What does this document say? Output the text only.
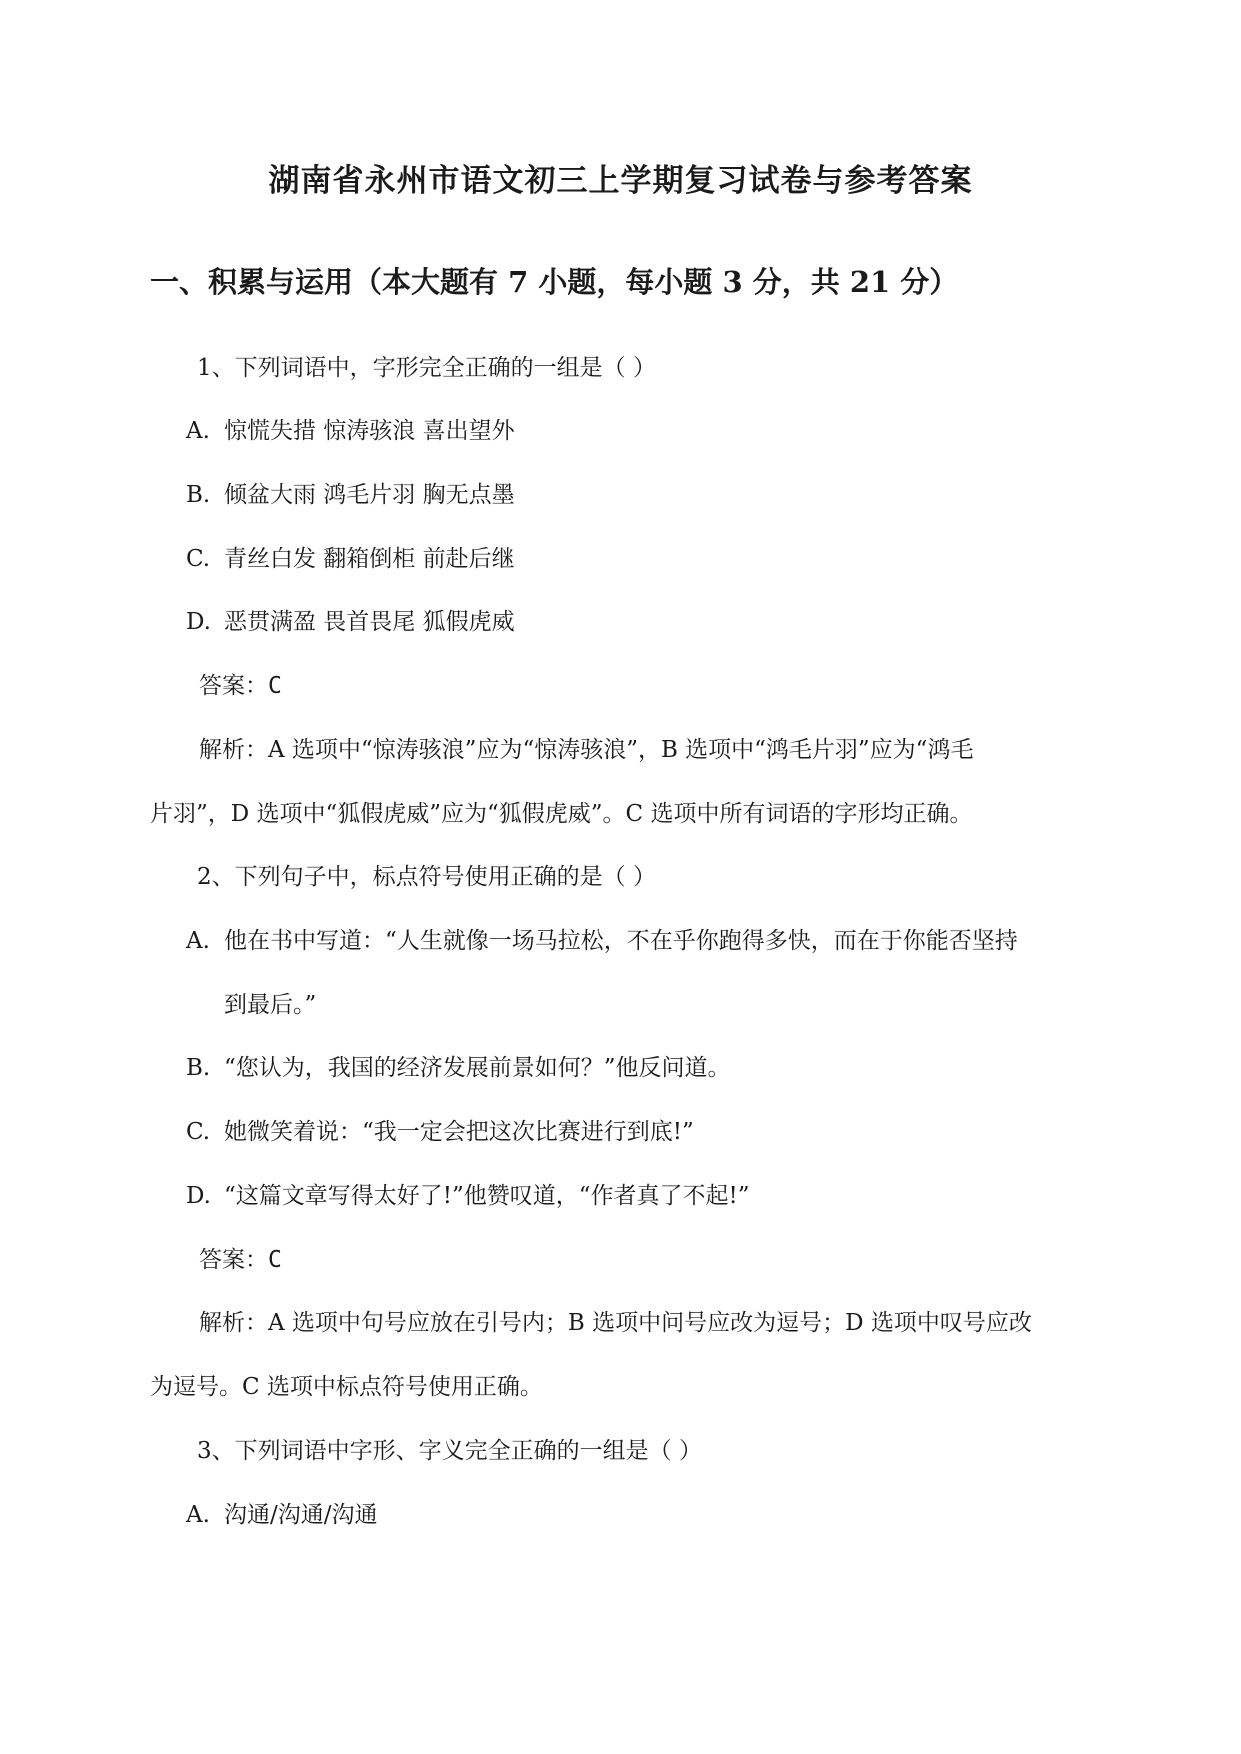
湖南省永州市语文初三上学期复习试卷与参考答案
一、积累与运用（本大题有 7 小题，每小题 3 分，共 21 分）
1、下列词语中，字形完全正确的一组是（ ）
A. 惊慌失措 惊涛骇浪 喜出望外
B. 倾盆大雨 鸿毛片羽 胸无点墨
C. 青丝白发 翻箱倒柜 前赴后继
D. 恶贯满盈 畏首畏尾 狐假虎威
答案：C
解析：A 选项中“惊涛骇浪”应为“惊涛骇浪”，B 选项中“鸿毛片羽”应为“鸿毛
片羽”，D 选项中“狐假虎威”应为“狐假虎威”。C 选项中所有词语的字形均正确。
2、下列句子中，标点符号使用正确的是（ ）
A. 他在书中写道：“人生就像一场马拉松，不在乎你跑得多快，而在于你能否坚持
到最后。”
B. “您认为，我国的经济发展前景如何？”他反问道。
C. 她微笑着说：“我一定会把这次比赛进行到底!”
D. “这篇文章写得太好了!”他赞叹道，“作者真了不起!”
答案：C
解析：A 选项中句号应放在引号内；B 选项中问号应改为逗号；D 选项中叹号应改
为逗号。C 选项中标点符号使用正确。
3、下列词语中字形、字义完全正确的一组是（ ）
A. 沟通/沟通/沟通
